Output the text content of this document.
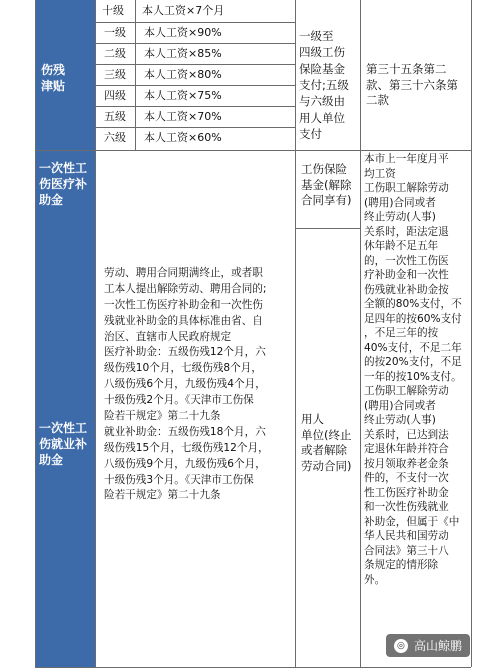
伤残
津贴
一次性工
伤医疗补
助金
一次性工
伤就业补
助金
十级 本人工资×7个月
一级 本人工资×90%
二级 本人工资×85%
三级 本人工资×80%
四级 本人工资×75%
五级 本人工资×70%
六级 本人工资×60%
一级至
四级工伤
保险基金
支付;五级
与六级由
用人单位
支付
第三十五条第二
款、第三十六条第
二款
工伤保险
基金(解除
合同享有)
劳动、聘用合同期满终止，或者职
工本人提出解除劳动、聘用合同的;
一次性工伤医疗补助金和一次性伤
残就业补助金的具体标准由省、自
治区、直辖市人民政府规定
医疗补助金：五级伤残12个月，六
级伤残10个月，七级伤残8个月，
八级伤残6个月，九级伤残4个月，
十级伤残2个月。《天津市工伤保
险若干规定》第二十九条
就业补助金：五级伤残18个月，六
级伤残15个月，七级伤残12个月，
八级伤残9个月，九级伤残6个月，
十级伤残3个月。《天津市工伤保
险若干规定》第二十九条
用人
单位(终止
或者解除
劳动合同)
本市上一年度月平
均工资
工伤职工解除劳动
(聘用)合同或者
终止劳动(人事)
关系时，距法定退
休年龄不足五年
的，一次性工伤医
疗补助金和一次性
伤残就业补助金按
全额的80%支付，不
足四年的按60%支付
，不足三年的按
40%支付，不足二年
的按20%支付，不足
一年的按10%支付。
工伤职工解除劳动
(聘用)合同或者
终止劳动(人事)
关系时，已达到法
定退休年龄并符合
按月领取养老金条
件的，不支付一次
性工伤医疗补助金
和一次性伤残就业
补助金，但属于《中
华人民共和国劳动
合同法》第三十八
条规定的情形除
外。
◎ 高山鲸鹏
